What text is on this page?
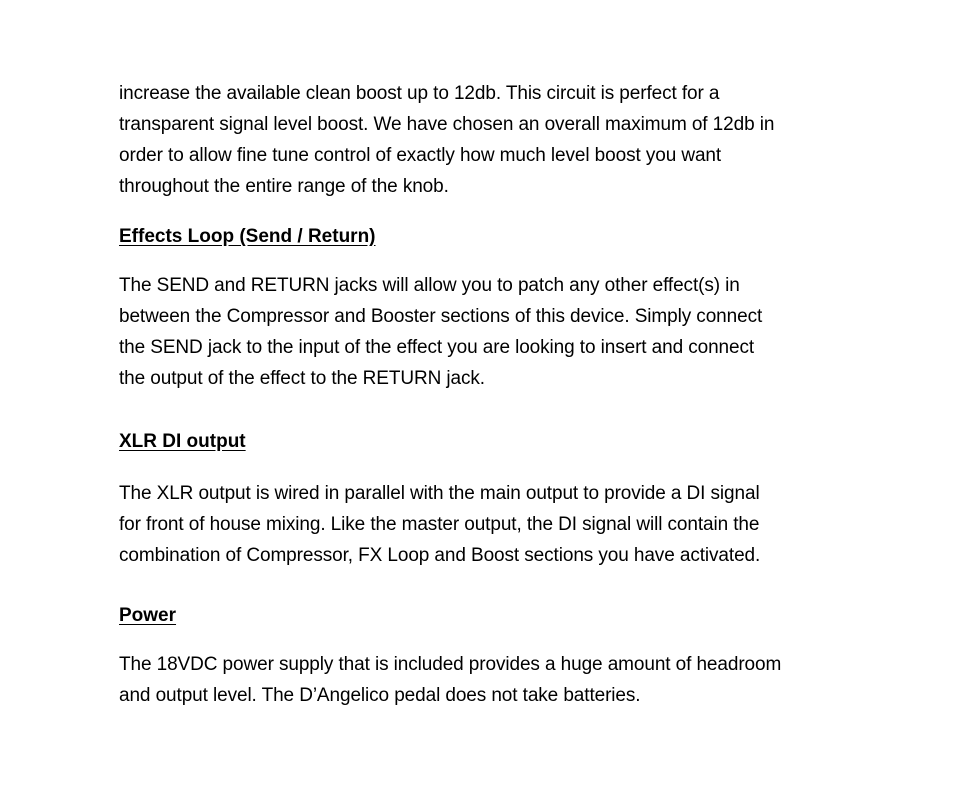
increase the available clean boost up to 12db. This circuit is perfect for a
transparent signal level boost. We have chosen an overall maximum of 12db in
order to allow fine tune control of exactly how much level boost you want
throughout the entire range of the knob.

Effects Loop (Send / Return)

The SEND and RETURN jacks will allow you to patch any other effect(s) in
between the Compressor and Booster sections of this device. Simply connect
the SEND jack to the input of the effect you are looking to insert and connect
the output of the effect to the RETURN jack.

XLR DI output

The XLR output is wired in parallel with the main output to provide a DI signal
for front of house mixing. Like the master output, the DI signal will contain the
combination of Compressor, FX Loop and Boost sections you have activated.

Power

The 18VDC power supply that is included provides a huge amount of headroom
and output level. The D’Angelico pedal does not take batteries.
